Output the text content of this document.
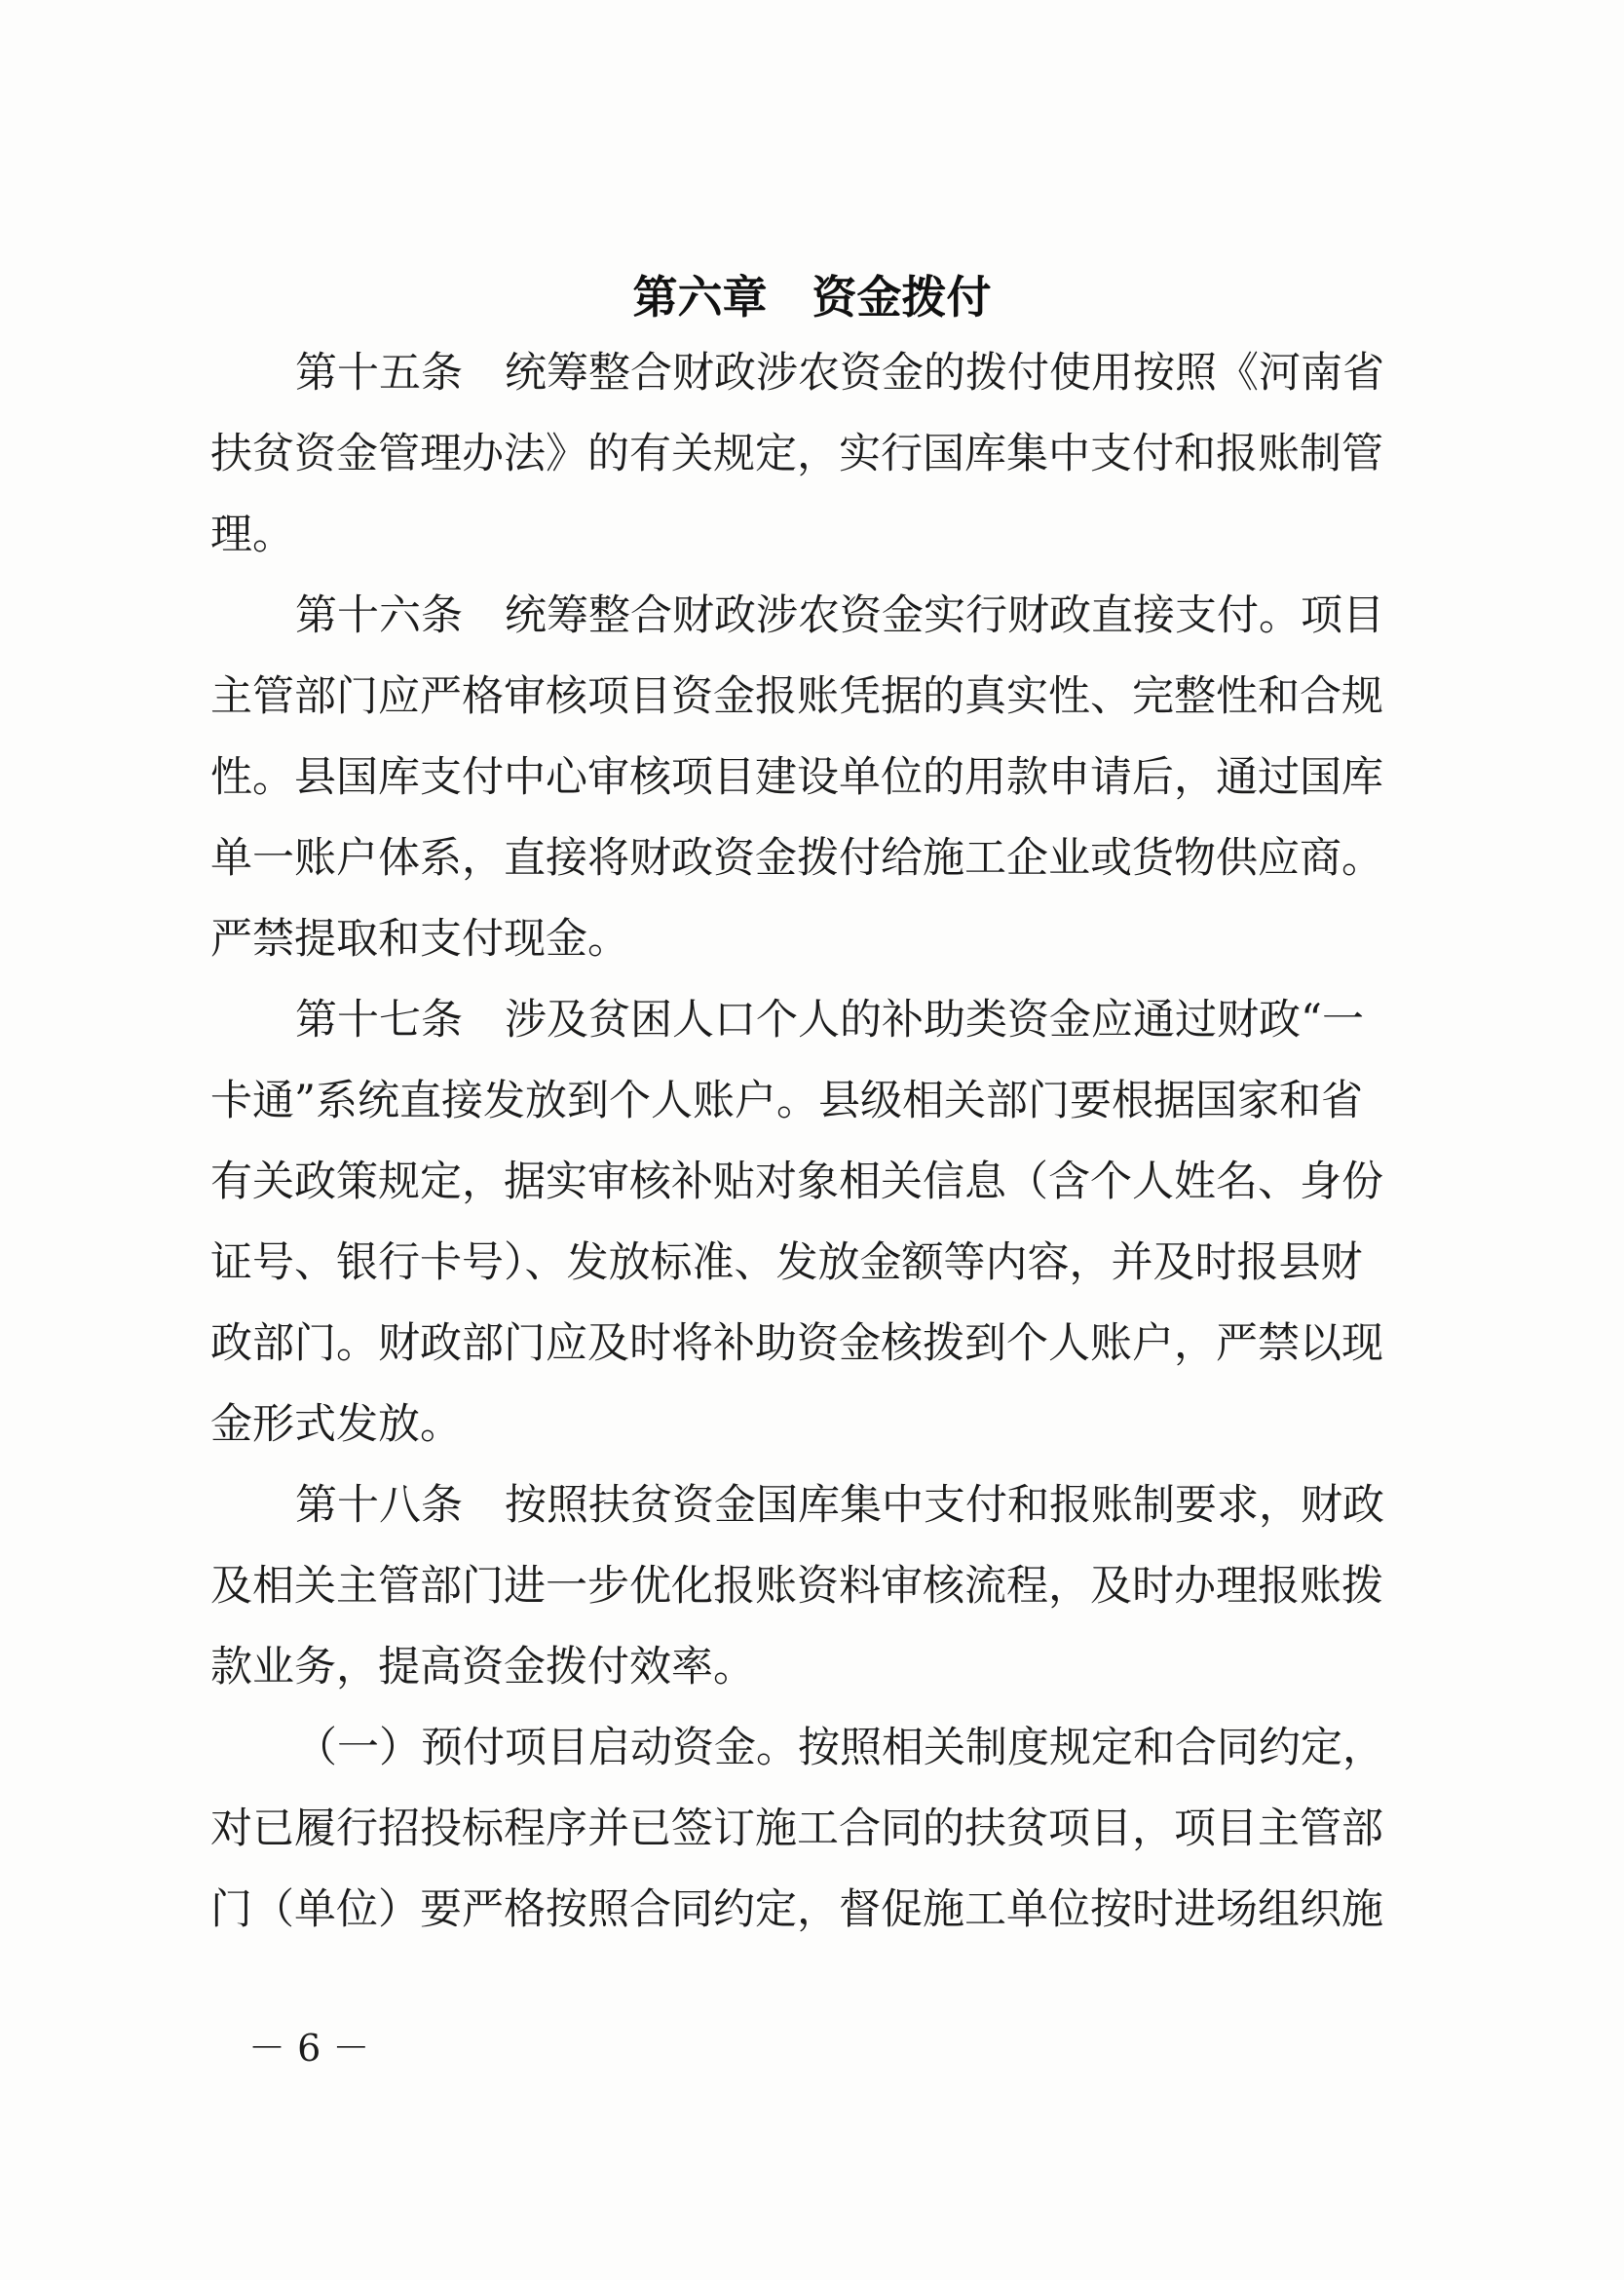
第六章　资金拨付
第十五条　统筹整合财政涉农资金的拨付使用按照《河南省
扶贫资金管理办法》的有关规定，实行国库集中支付和报账制管
理。
第十六条　统筹整合财政涉农资金实行财政直接支付。项目
主管部门应严格审核项目资金报账凭据的真实性、完整性和合规
性。县国库支付中心审核项目建设单位的用款申请后，通过国库
单一账户体系，直接将财政资金拨付给施工企业或货物供应商。
严禁提取和支付现金。
第十七条　涉及贫困人口个人的补助类资金应通过财政“一
卡通”系统直接发放到个人账户。县级相关部门要根据国家和省
有关政策规定，据实审核补贴对象相关信息（含个人姓名、身份
证号、银行卡号）、发放标准、发放金额等内容，并及时报县财
政部门。财政部门应及时将补助资金核拨到个人账户，严禁以现
金形式发放。
第十八条　按照扶贫资金国库集中支付和报账制要求，财政
及相关主管部门进一步优化报账资料审核流程，及时办理报账拨
款业务，提高资金拨付效率。
（一）预付项目启动资金。按照相关制度规定和合同约定，
对已履行招投标程序并已签订施工合同的扶贫项目，项目主管部
门（单位）要严格按照合同约定，督促施工单位按时进场组织施
－ 6 －
